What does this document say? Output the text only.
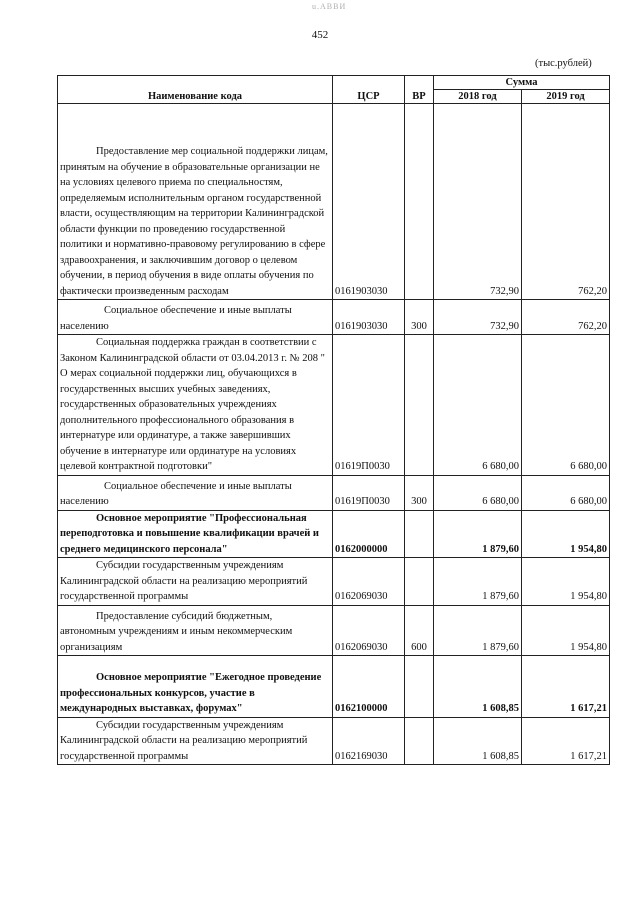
u.АВВИ
452
(тыс.рублей)
Наименование кода	ЦСР	ВР	Сумма	
			2018 год	2019 год
Предоставление мер социальной поддержки лицам, принятым на обучение в образовательные организации не на условиях целевого приема по специальностям, определяемым исполнительным органом государственной власти, осуществляющим на территории Калининградской области функции по проведению государственной политики и нормативно-правовому регулированию в сфере здравоохранения, и заключившим договор о целевом обучении, в период обучения в виде оплаты обучения по фактически произведенным расходам	0161903030		732,90	762,20
Социальное обеспечение и иные выплаты населению	0161903030	300	732,90	762,20
Социальная поддержка граждан в соответствии с Законом Калининградской области от 03.04.2013 г. № 208 " О мерах социальной поддержки лиц, обучающихся в государственных высших учебных заведениях, государственных образовательных учреждениях дополнительного профессионального образования в интернатуре или ординатуре, а также завершивших обучение в интернатуре или ординатуре на условиях целевой контрактной подготовки"	01619П0030		6 680,00	6 680,00
Социальное обеспечение и иные выплаты населению	01619П0030	300	6 680,00	6 680,00
Основное мероприятие "Профессиональная переподготовка и повышение квалификации врачей и среднего медицинского персонала"	0162000000		1 879,60	1 954,80
Субсидии государственным учреждениям Калининградской области на реализацию мероприятий государственной программы	0162069030		1 879,60	1 954,80
Предоставление субсидий бюджетным, автономным учреждениям и иным некоммерческим организациям	0162069030	600	1 879,60	1 954,80
Основное мероприятие "Ежегодное проведение профессиональных конкурсов, участие в международных выставках, форумах"	0162100000		1 608,85	1 617,21
Субсидии государственным учреждениям Калининградской области на реализацию мероприятий государственной программы	0162169030		1 608,85	1 617,21
